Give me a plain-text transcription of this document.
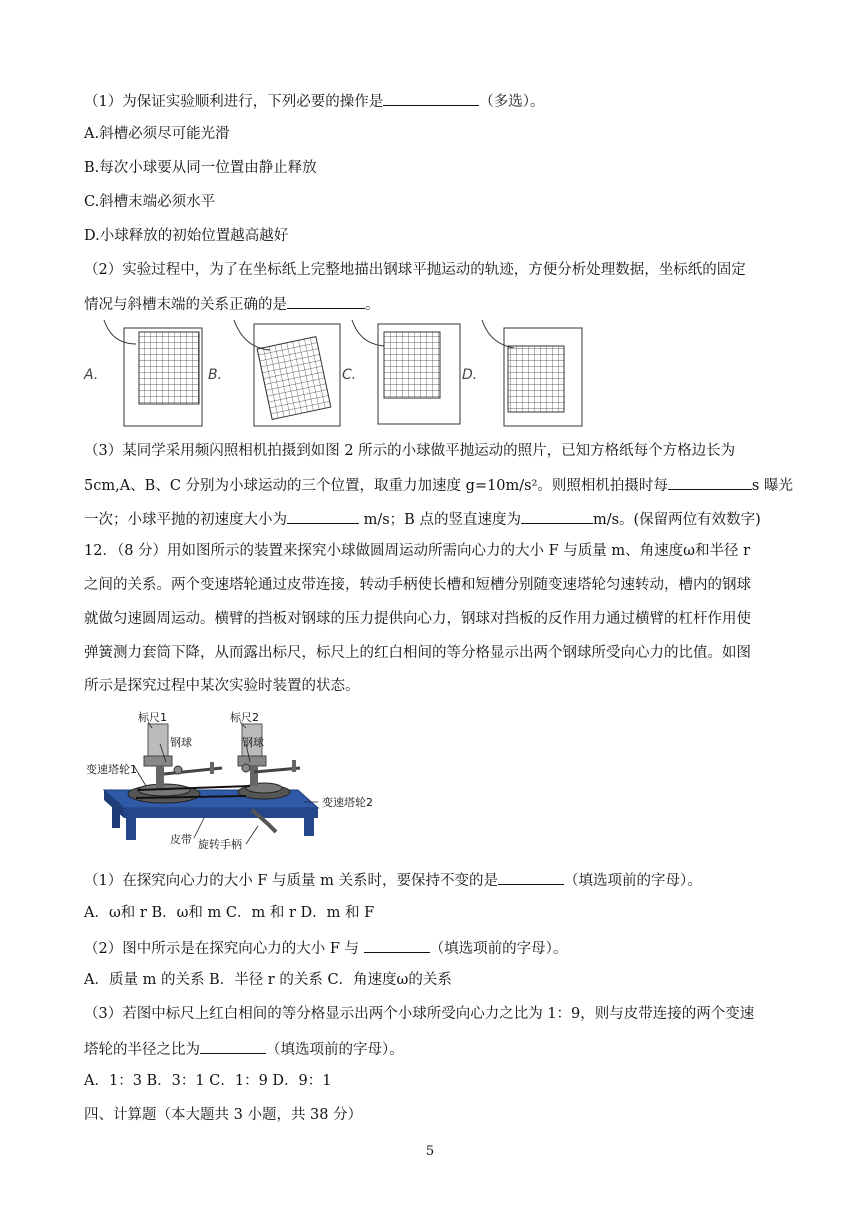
（1）为保证实验顺利进行，下列必要的操作是	（多选）。
A.斜槽必须尽可能光滑
B.每次小球要从同一位置由静止释放
C.斜槽末端必须水平
D.小球释放的初始位置越高越好
（2）实验过程中，为了在坐标纸上完整地描出钢球平抛运动的轨迹，方便分析处理数据，坐标纸的固定
情况与斜槽末端的关系正确的是	。
A.	B.	C.	D.
（3）某同学采用频闪照相机拍摄到如图 2 所示的小球做平抛运动的照片，已知方格纸每个方格边长为
5cm,A、B、C 分别为小球运动的三个位置，取重力加速度 g=10m/s²。则照相机拍摄时每	s 曝光
一次；小球平抛的初速度大小为	m/s；B 点的竖直速度为	m/s。(保留两位有效数字)
12．（8 分）用如图所示的装置来探究小球做圆周运动所需向心力的大小 F 与质量 m、角速度ω和半径 r
之间的关系。两个变速塔轮通过皮带连接，转动手柄使长槽和短槽分别随变速塔轮匀速转动，槽内的钢球
就做匀速圆周运动。横臂的挡板对钢球的压力提供向心力，钢球对挡板的反作用力通过横臂的杠杆作用使
弹簧测力套筒下降，从而露出标尺，标尺上的红白相间的等分格显示出两个钢球所受向心力的比值。如图
所示是探究过程中某次实验时装置的状态。
标尺1	标尺2
钢球	钢球
变速塔轮1
变速塔轮2
皮带 旋转手柄
（1）在探究向心力的大小 F 与质量 m 关系时，要保持不变的是	（填选项前的字母）。
A．ω和 r B．ω和 m C．m 和 r D．m 和 F
（2）图中所示是在探究向心力的大小 F 与	（填选项前的字母）。
A．质量 m 的关系 B．半径 r 的关系 C．角速度ω的关系
（3）若图中标尺上红白相间的等分格显示出两个小球所受向心力之比为 1：9，则与皮带连接的两个变速
塔轮的半径之比为	（填选项前的字母）。
A．1：3 B．3：1 C．1：9 D．9：1
四、计算题（本大题共 3 小题，共 38 分）
5
